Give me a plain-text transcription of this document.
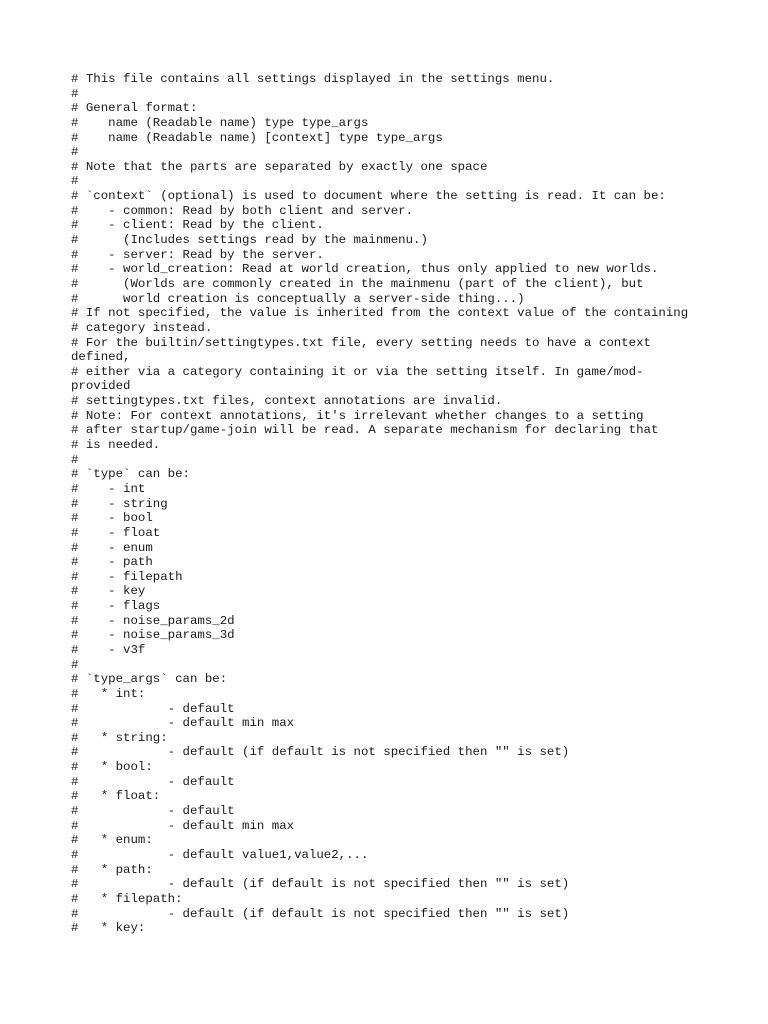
# This file contains all settings displayed in the settings menu.
#
# General format:
#    name (Readable name) type type_args
#    name (Readable name) [context] type type_args
#
# Note that the parts are separated by exactly one space
#
# `context` (optional) is used to document where the setting is read. It can be:
#    - common: Read by both client and server.
#    - client: Read by the client.
#      (Includes settings read by the mainmenu.)
#    - server: Read by the server.
#    - world_creation: Read at world creation, thus only applied to new worlds.
#      (Worlds are commonly created in the mainmenu (part of the client), but
#      world creation is conceptually a server-side thing...)
# If not specified, the value is inherited from the context value of the containing
# category instead.
# For the builtin/settingtypes.txt file, every setting needs to have a context
defined,
# either via a category containing it or via the setting itself. In game/mod-
provided
# settingtypes.txt files, context annotations are invalid.
# Note: For context annotations, it's irrelevant whether changes to a setting
# after startup/game-join will be read. A separate mechanism for declaring that
# is needed.
#
# `type` can be:
#    - int
#    - string
#    - bool
#    - float
#    - enum
#    - path
#    - filepath
#    - key
#    - flags
#    - noise_params_2d
#    - noise_params_3d
#    - v3f
#
# `type_args` can be:
#   * int:
#            - default
#            - default min max
#   * string:
#            - default (if default is not specified then "" is set)
#   * bool:
#            - default
#   * float:
#            - default
#            - default min max
#   * enum:
#            - default value1,value2,...
#   * path:
#            - default (if default is not specified then "" is set)
#   * filepath:
#            - default (if default is not specified then "" is set)
#   * key:
